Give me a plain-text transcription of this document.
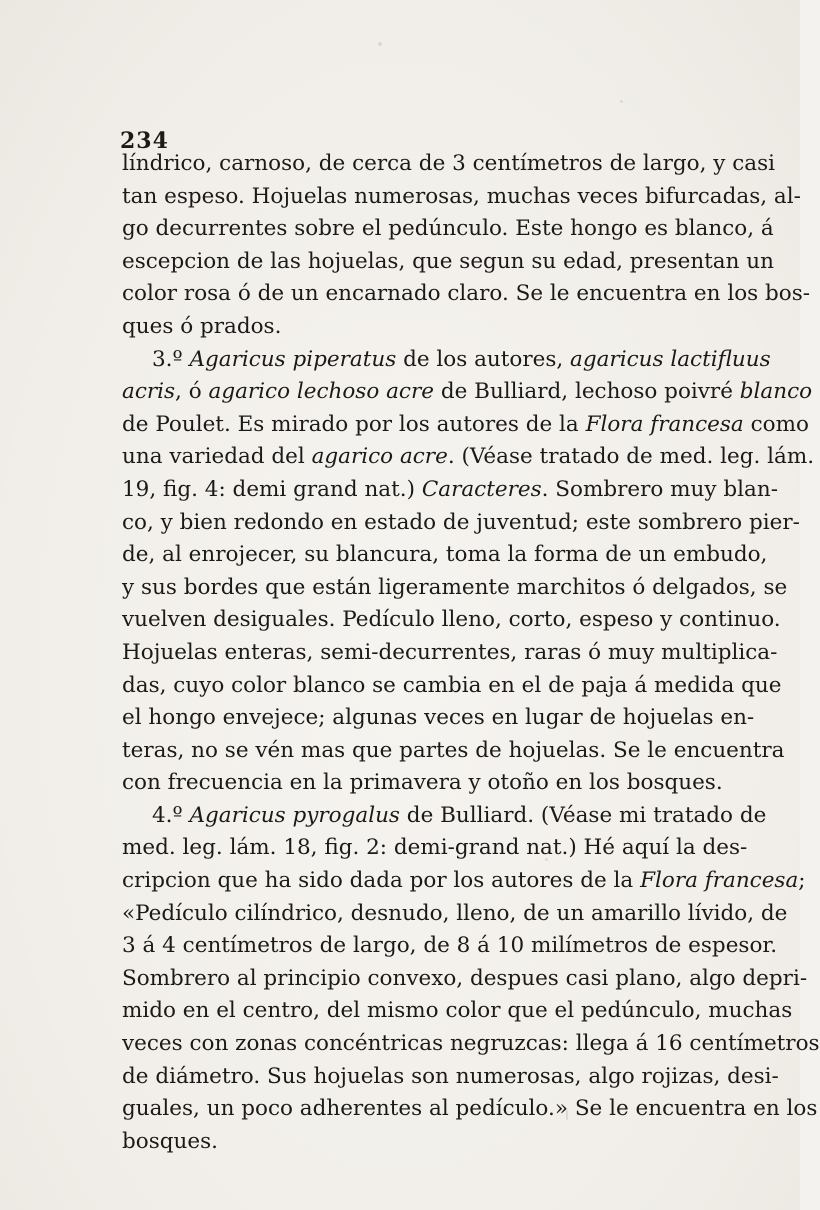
234
líndrico, carnoso, de cerca de 3 centímetros de largo, y casi
tan espeso. Hojuelas numerosas, muchas veces bifurcadas, al-
go decurrentes sobre el pedúnculo. Este hongo es blanco, á
escepcion de las hojuelas, que segun su edad, presentan un
color rosa ó de un encarnado claro. Se le encuentra en los bos-
ques ó prados.
3.º Agaricus piperatus de los autores, agaricus lactifluus
acris, ó agarico lechoso acre de Bulliard, lechoso poivré blanco
de Poulet. Es mirado por los autores de la Flora francesa como
una variedad del agarico acre. (Véase tratado de med. leg. lám.
19, fig. 4: demi grand nat.) Caracteres. Sombrero muy blan-
co, y bien redondo en estado de juventud; este sombrero pier-
de, al enrojecer, su blancura, toma la forma de un embudo,
y sus bordes que están ligeramente marchitos ó delgados, se
vuelven desiguales. Pedículo lleno, corto, espeso y continuo.
Hojuelas enteras, semi-decurrentes, raras ó muy multiplica-
das, cuyo color blanco se cambia en el de paja á medida que
el hongo envejece; algunas veces en lugar de hojuelas en-
teras, no se vén mas que partes de hojuelas. Se le encuentra
con frecuencia en la primavera y otoño en los bosques.
4.º Agaricus pyrogalus de Bulliard. (Véase mi tratado de
med. leg. lám. 18, fig. 2: demi-grand nat.) Hé aquí la des-
cripcion que ha sido dada por los autores de la Flora francesa;
«Pedículo cilíndrico, desnudo, lleno, de un amarillo lívido, de
3 á 4 centímetros de largo, de 8 á 10 milímetros de espesor.
Sombrero al principio convexo, despues casi plano, algo depri-
mido en el centro, del mismo color que el pedúnculo, muchas
veces con zonas concéntricas negruzcas: llega á 16 centímetros
de diámetro. Sus hojuelas son numerosas, algo rojizas, desi-
guales, un poco adherentes al pedículo.» Se le encuentra en los
bosques.
